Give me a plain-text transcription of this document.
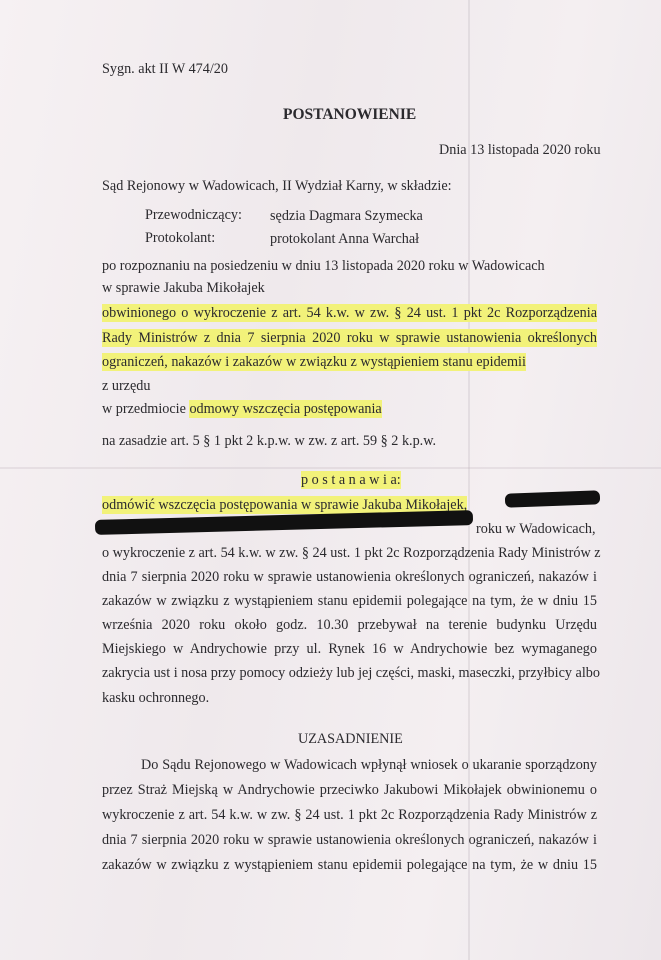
Sygn. akt II W 474/20
POSTANOWIENIE
Dnia 13 listopada 2020 roku
Sąd Rejonowy w Wadowicach, II Wydział Karny, w składzie:
Przewodniczący: sędzia Dagmara Szymecka
Protokolant:	protokolant Anna Warchał
po rozpoznaniu na posiedzeniu w dniu 13 listopada 2020 roku w Wadowicach
w sprawie Jakuba Mikołajek
obwinionego o wykroczenie z art. 54 k.w. w zw. § 24 ust. 1 pkt 2c Rozporządzenia
Rady Ministrów z dnia 7 sierpnia 2020 roku w sprawie ustanowienia określonych
ograniczeń, nakazów i zakazów w związku z wystąpieniem stanu epidemii
z urzędu
w przedmiocie odmowy wszczęcia postępowania
na zasadzie art. 5 § 1 pkt 2 k.p.w. w zw. z art. 59 § 2 k.p.w.
p o s t a n a w i a:
odmówić wszczęcia postępowania w sprawie Jakuba Mikołajek,
roku w Wadowicach,
o wykroczenie z art. 54 k.w. w zw. § 24 ust. 1 pkt 2c Rozporządzenia Rady Ministrów z
dnia 7 sierpnia 2020 roku w sprawie ustanowienia określonych ograniczeń, nakazów i
zakazów w związku z wystąpieniem stanu epidemii polegające na tym, że w dniu 15
września 2020 roku około godz. 10.30 przebywał na terenie budynku Urzędu
Miejskiego w Andrychowie przy ul. Rynek 16 w Andrychowie bez wymaganego
zakrycia ust i nosa przy pomocy odzieży lub jej części, maski, maseczki, przyłbicy albo
kasku ochronnego.
UZASADNIENIE
Do Sądu Rejonowego w Wadowicach wpłynął wniosek o ukaranie sporządzony
przez Straż Miejską w Andrychowie przeciwko Jakubowi Mikołajek obwinionemu o
wykroczenie z art. 54 k.w. w zw. § 24 ust. 1 pkt 2c Rozporządzenia Rady Ministrów z
dnia 7 sierpnia 2020 roku w sprawie ustanowienia określonych ograniczeń, nakazów i
zakazów w związku z wystąpieniem stanu epidemii polegające na tym, że w dniu 15
